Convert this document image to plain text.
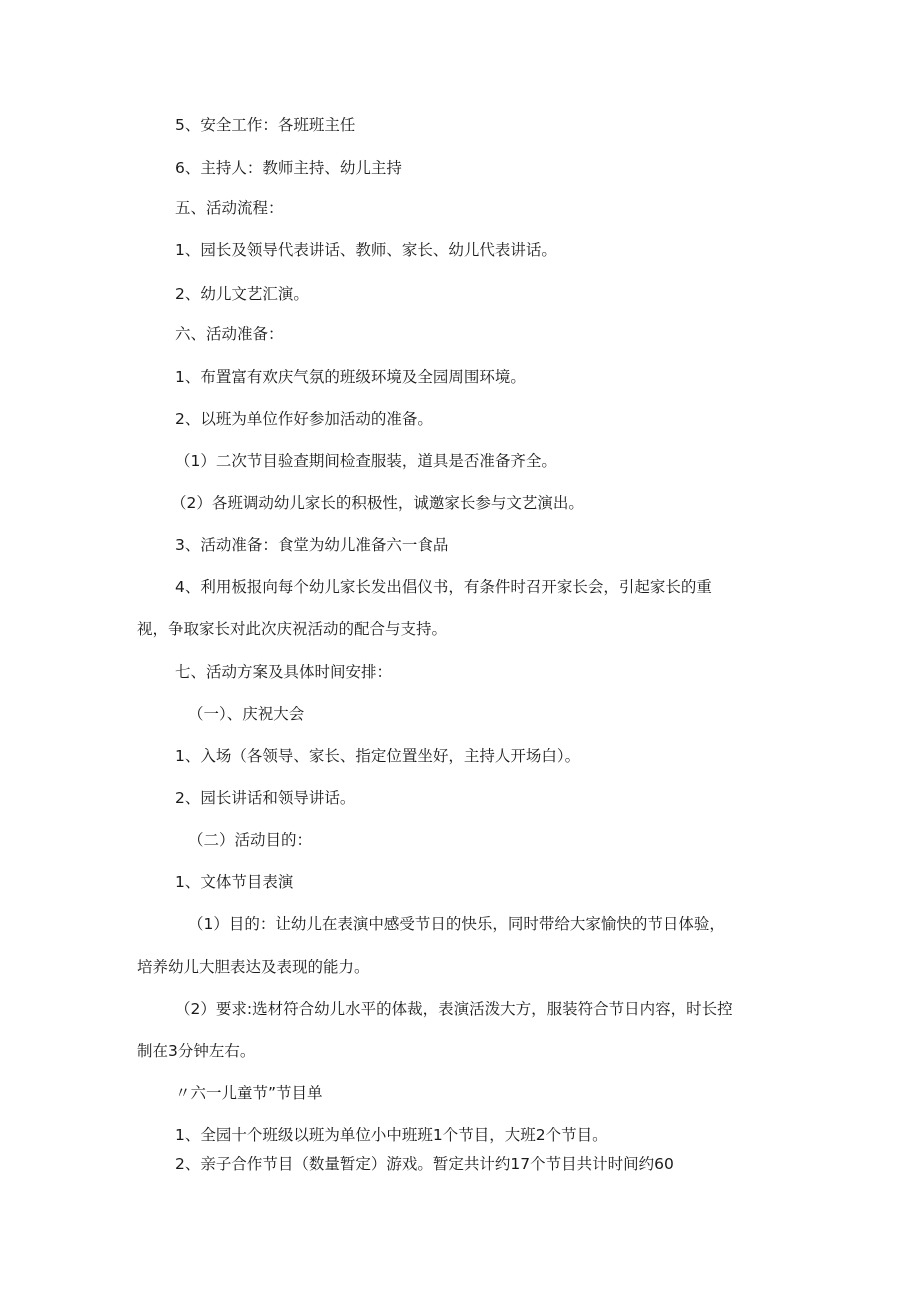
5、安全工作：各班班主任
6、主持人：教师主持、幼儿主持
五、活动流程：
1、园长及领导代表讲话、教师、家长、幼儿代表讲话。
2、幼儿文艺汇演。
六、活动准备：
1、布置富有欢庆气氛的班级环境及全园周围环境。
2、以班为单位作好参加活动的准备。
（1）二次节目验查期间检查服装，道具是否准备齐全。
（2）各班调动幼儿家长的积极性，诚邀家长参与文艺演出。
3、活动准备：食堂为幼儿准备六一食品
4、利用板报向每个幼儿家长发出倡仪书，有条件时召开家长会，引起家长的重
视，争取家长对此次庆祝活动的配合与支持。
七、活动方案及具体时间安排：
（一）、庆祝大会
1、入场（各领导、家长、指定位置坐好，主持人开场白）。
2、园长讲话和领导讲话。
（二）活动目的：
1、文体节目表演
（1）目的：让幼儿在表演中感受节日的快乐，同时带给大家愉快的节日体验，
培养幼儿大胆表达及表现的能力。
（2）要求:选材符合幼儿水平的体裁，表演活泼大方，服装符合节日内容，时长控
制在3分钟左右。
〃六一儿童节”节目单
1、全园十个班级以班为单位小中班班1个节目，大班2个节目。
2、亲子合作节目（数量暂定）游戏。暂定共计约17个节目共计时间约60
